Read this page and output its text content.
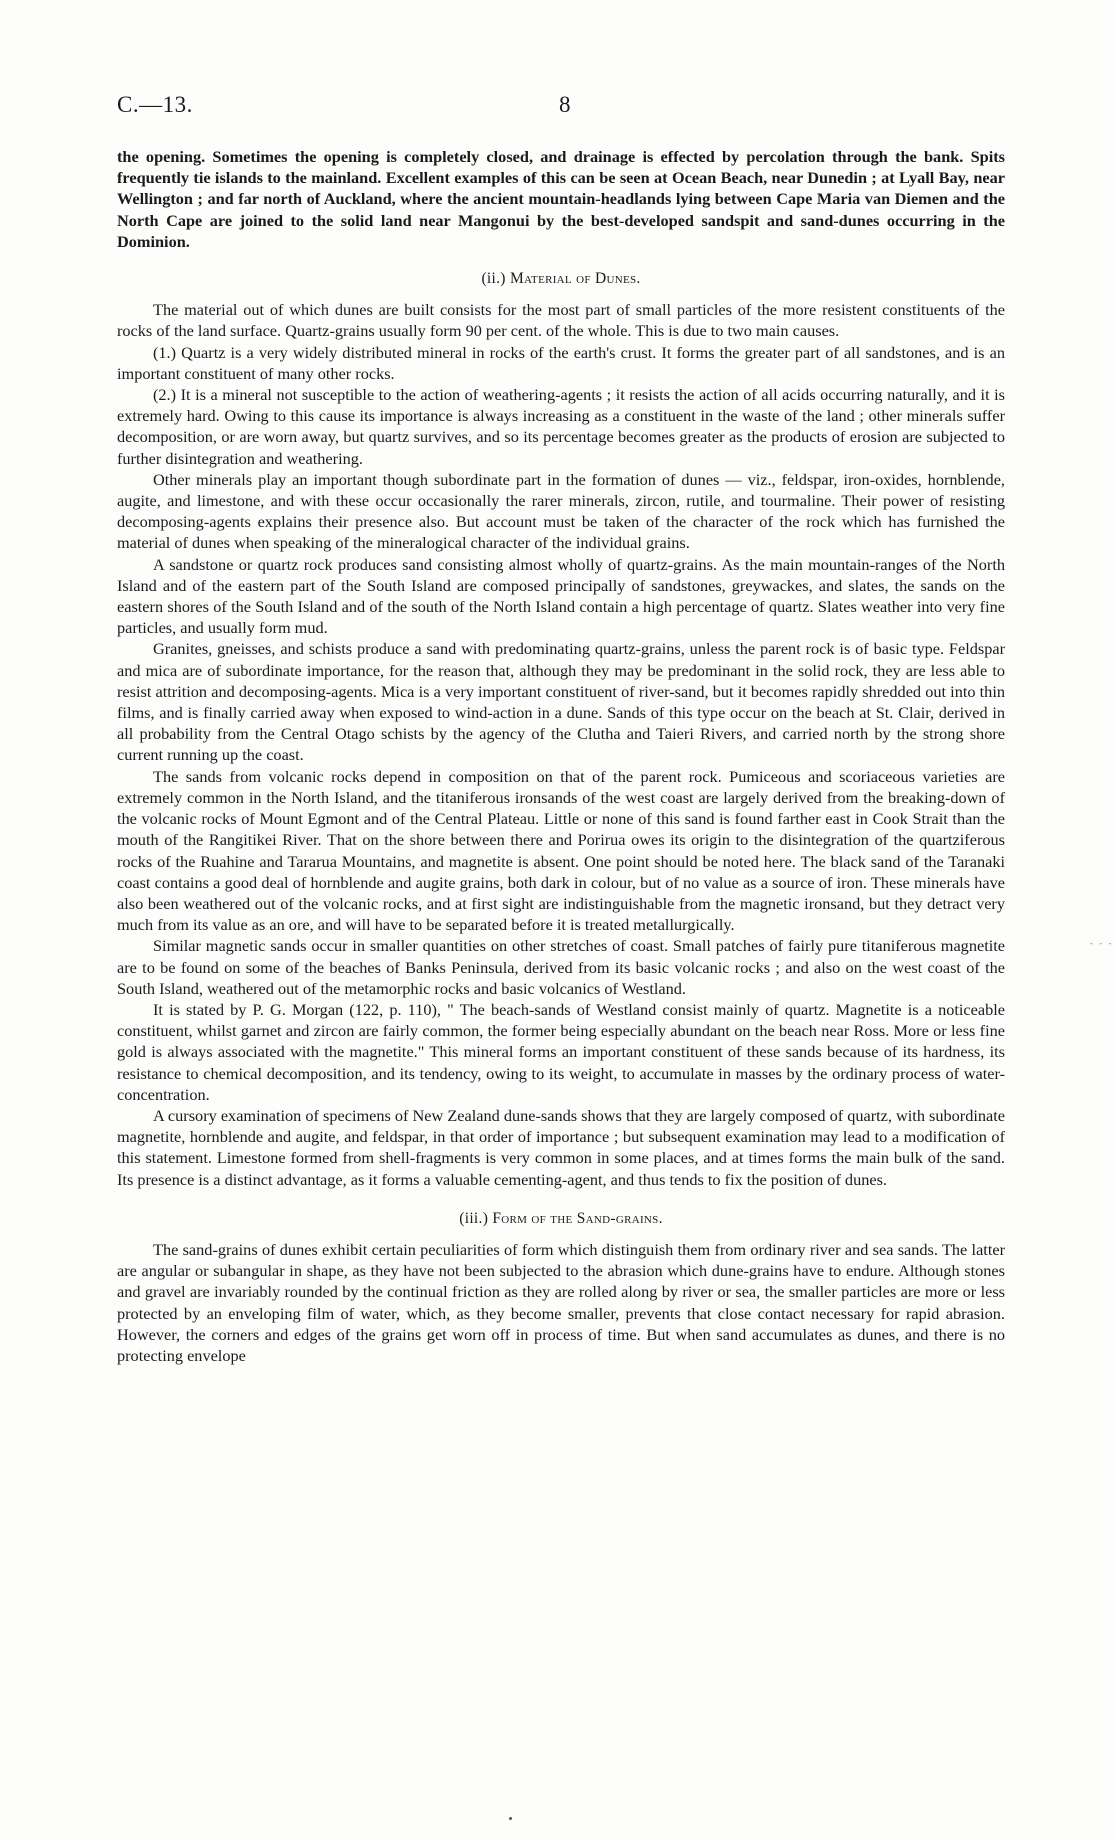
C.—13.	8

the opening. Sometimes the opening is completely closed, and drainage is effected by percolation through the bank. Spits frequently tie islands to the mainland. Excellent examples of this can be seen at Ocean Beach, near Dunedin ; at Lyall Bay, near Wellington ; and far north of Auckland, where the ancient mountain-headlands lying between Cape Maria van Diemen and the North Cape are joined to the solid land near Mangonui by the best-developed sandspit and sand-dunes occurring in the Dominion.

(ii.) Material of Dunes.

The material out of which dunes are built consists for the most part of small particles of the more resistent constituents of the rocks of the land surface. Quartz-grains usually form 90 per cent. of the whole. This is due to two main causes.

(1.) Quartz is a very widely distributed mineral in rocks of the earth's crust. It forms the greater part of all sandstones, and is an important constituent of many other rocks.

(2.) It is a mineral not susceptible to the action of weathering-agents ; it resists the action of all acids occurring naturally, and it is extremely hard. Owing to this cause its importance is always increasing as a constituent in the waste of the land ; other minerals suffer decomposition, or are worn away, but quartz survives, and so its percentage becomes greater as the products of erosion are subjected to further disintegration and weathering.

Other minerals play an important though subordinate part in the formation of dunes — viz., feldspar, iron-oxides, hornblende, augite, and limestone, and with these occur occasionally the rarer minerals, zircon, rutile, and tourmaline. Their power of resisting decomposing-agents explains their presence also. But account must be taken of the character of the rock which has furnished the material of dunes when speaking of the mineralogical character of the individual grains.

A sandstone or quartz rock produces sand consisting almost wholly of quartz-grains. As the main mountain-ranges of the North Island and of the eastern part of the South Island are composed principally of sandstones, greywackes, and slates, the sands on the eastern shores of the South Island and of the south of the North Island contain a high percentage of quartz. Slates weather into very fine particles, and usually form mud.

Granites, gneisses, and schists produce a sand with predominating quartz-grains, unless the parent rock is of basic type. Feldspar and mica are of subordinate importance, for the reason that, although they may be predominant in the solid rock, they are less able to resist attrition and decomposing-agents. Mica is a very important constituent of river-sand, but it becomes rapidly shredded out into thin films, and is finally carried away when exposed to wind-action in a dune. Sands of this type occur on the beach at St. Clair, derived in all probability from the Central Otago schists by the agency of the Clutha and Taieri Rivers, and carried north by the strong shore current running up the coast.

The sands from volcanic rocks depend in composition on that of the parent rock. Pumiceous and scoriaceous varieties are extremely common in the North Island, and the titaniferous ironsands of the west coast are largely derived from the breaking-down of the volcanic rocks of Mount Egmont and of the Central Plateau. Little or none of this sand is found farther east in Cook Strait than the mouth of the Rangitikei River. That on the shore between there and Porirua owes its origin to the disintegration of the quartziferous rocks of the Ruahine and Tararua Mountains, and magnetite is absent. One point should be noted here. The black sand of the Taranaki coast contains a good deal of hornblende and augite grains, both dark in colour, but of no value as a source of iron. These minerals have also been weathered out of the volcanic rocks, and at first sight are indistinguishable from the magnetic ironsand, but they detract very much from its value as an ore, and will have to be separated before it is treated metallurgically.

Similar magnetic sands occur in smaller quantities on other stretches of coast. Small patches of fairly pure titaniferous magnetite are to be found on some of the beaches of Banks Peninsula, derived from its basic volcanic rocks ; and also on the west coast of the South Island, weathered out of the metamorphic rocks and basic volcanics of Westland.

It is stated by P. G. Morgan (122, p. 110), " The beach-sands of Westland consist mainly of quartz. Magnetite is a noticeable constituent, whilst garnet and zircon are fairly common, the former being especially abundant on the beach near Ross. More or less fine gold is always associated with the magnetite." This mineral forms an important constituent of these sands because of its hardness, its resistance to chemical decomposition, and its tendency, owing to its weight, to accumulate in masses by the ordinary process of water-concentration.

A cursory examination of specimens of New Zealand dune-sands shows that they are largely composed of quartz, with subordinate magnetite, hornblende and augite, and feldspar, in that order of importance ; but subsequent examination may lead to a modification of this statement. Limestone formed from shell-fragments is very common in some places, and at times forms the main bulk of the sand. Its presence is a distinct advantage, as it forms a valuable cementing-agent, and thus tends to fix the position of dunes.

(iii.) Form of the Sand-grains.

The sand-grains of dunes exhibit certain peculiarities of form which distinguish them from ordinary river and sea sands. The latter are angular or subangular in shape, as they have not been subjected to the abrasion which dune-grains have to endure. Although stones and gravel are invariably rounded by the continual friction as they are rolled along by river or sea, the smaller particles are more or less protected by an enveloping film of water, which, as they become smaller, prevents that close contact necessary for rapid abrasion. However, the corners and edges of the grains get worn off in process of time. But when sand accumulates as dunes, and there is no protecting envelope

- - -
